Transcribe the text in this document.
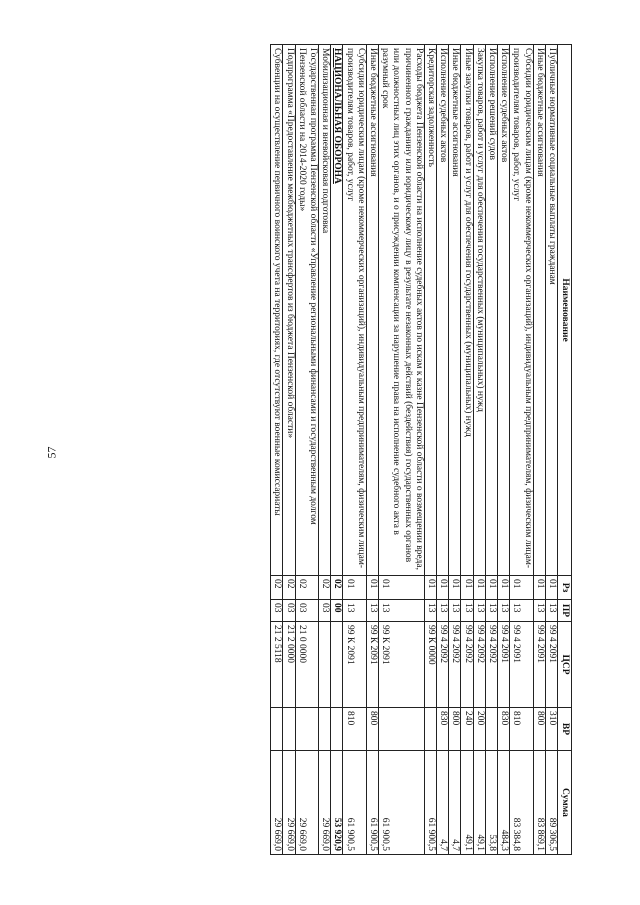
57
Наименование	Рз	ПР	ЦСР	ВР	Сумма
Публичные нормативные социальные выплаты гражданам	01	13	99 4 2091	310	89 306,5
Иные бюджетные ассигнования	01	13	99 4 2091	800	83 869,1
Субсидии юридическим лицам (кроме некоммерческих организаций), индивидуальным предпринимателям, физическим лицам-производителям товаров, работ, услуг	01	13	99 4 2091	810	83 384,8
Исполнение судебных актов	01	13	99 4 2091	830	484,3
Исполнение решений судов	01	13	99 4 2092		53,8
Закупка товаров, работ и услуг для обеспечения государственных (муниципальных) нужд	01	13	99 4 2092	200	49,1
Иные закупки товаров, работ и услуг для обеспечения государственных (муниципальных) нужд	01	13	99 4 2092	240	49,1
Иные бюджетные ассигнования	01	13	99 4 2092	800	4,7
Исполнение судебных актов	01	13	99 4 2092	830	4,7
Кредиторская задолженность	01	13	99 К 0000		61 900,5
Расходы бюджета Пензенской области на исполнение судебных актов по искам к казне Пензенской области о возмещении вреда, причиненного гражданину или юридическому лицу в результате незаконных действий (бездействия) государственных органов или должностных лиц этих органов, и о присуждении компенсации за нарушение права на исполнение судебного акта в разумный срок	01	13	99 К 2091		61 900,5
Иные бюджетные ассигнования	01	13	99 К 2091	800	61 900,5
Субсидии юридическим лицам (кроме некоммерческих организаций), индивидуальным предпринимателям, физическим лицам-производителям товаров, работ, услуг	01	13	99 К 2091	810	61 900,5
НАЦИОНАЛЬНАЯ ОБОРОНА	02	00			53 920,9
Мобилизационная и вневойсковая подготовка	02	03			29 669,0
Государственная программа Пензенской области «Управление региональными финансами и государственным долгом Пензенской области на 2014-2020 годы»	02	03	21 0 0000		29 669,0
Подпрограмма «Предоставление межбюджетных трансфертов из бюджета Пензенской области»	02	03	21 2 0000		29 669,0
Субвенции на осуществление первичного воинского учета на территориях, где отсутствуют военные комиссариаты	02	03	21 2 5118		29 669,0
